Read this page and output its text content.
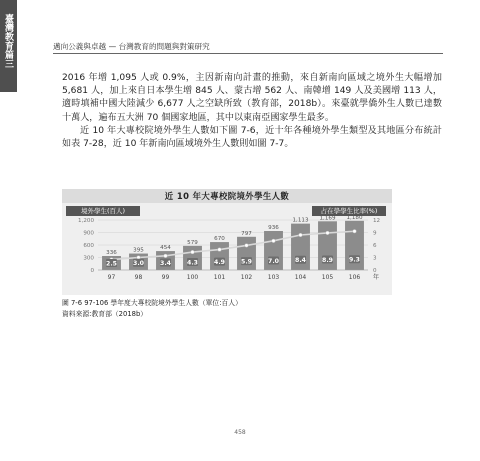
臺灣教育篇三	邁向公義與卓越 — 台灣教育的問題與對策研究

2016 年增 1,095 人或 0.9%，主因新南向計畫的推動，來自新南向區域之境外生大幅增加 5,681 人，加上來自日本學生增 845 人、蒙古增 562 人、南韓增 149 人及美國增 113 人，適時填補中國大陸減少 6,677 人之空缺所致（教育部，2018b）。來臺就學僑外生人數已達數十萬人，遍布五大洲 70 個國家地區，其中以東南亞國家學生最多。

近 10 年大專校院境外學生人數如下圖 7-6，近十年各種境外學生類型及其地區分布統計如表 7-28，近 10 年新南向區域境外生人數則如圖 7-7。

近 10 年大專校院境外學生人數
境外學生(百人)	占在學學生比率(%)
1,200
900
600
300
0
12
9
6
3
0
336	395	454
579
670
797
936
1,113 1,169 1,180
2.5	3.0	3.4	4.3	4.9	5.9	7.0	8.4	8.9	9.3
97	98	99	100	101	102	103	104	105	106 年
圖 7-6 97-106 學年度大專校院境外學生人數（單位:百人）
資料來源:教育部（2018b）
458
